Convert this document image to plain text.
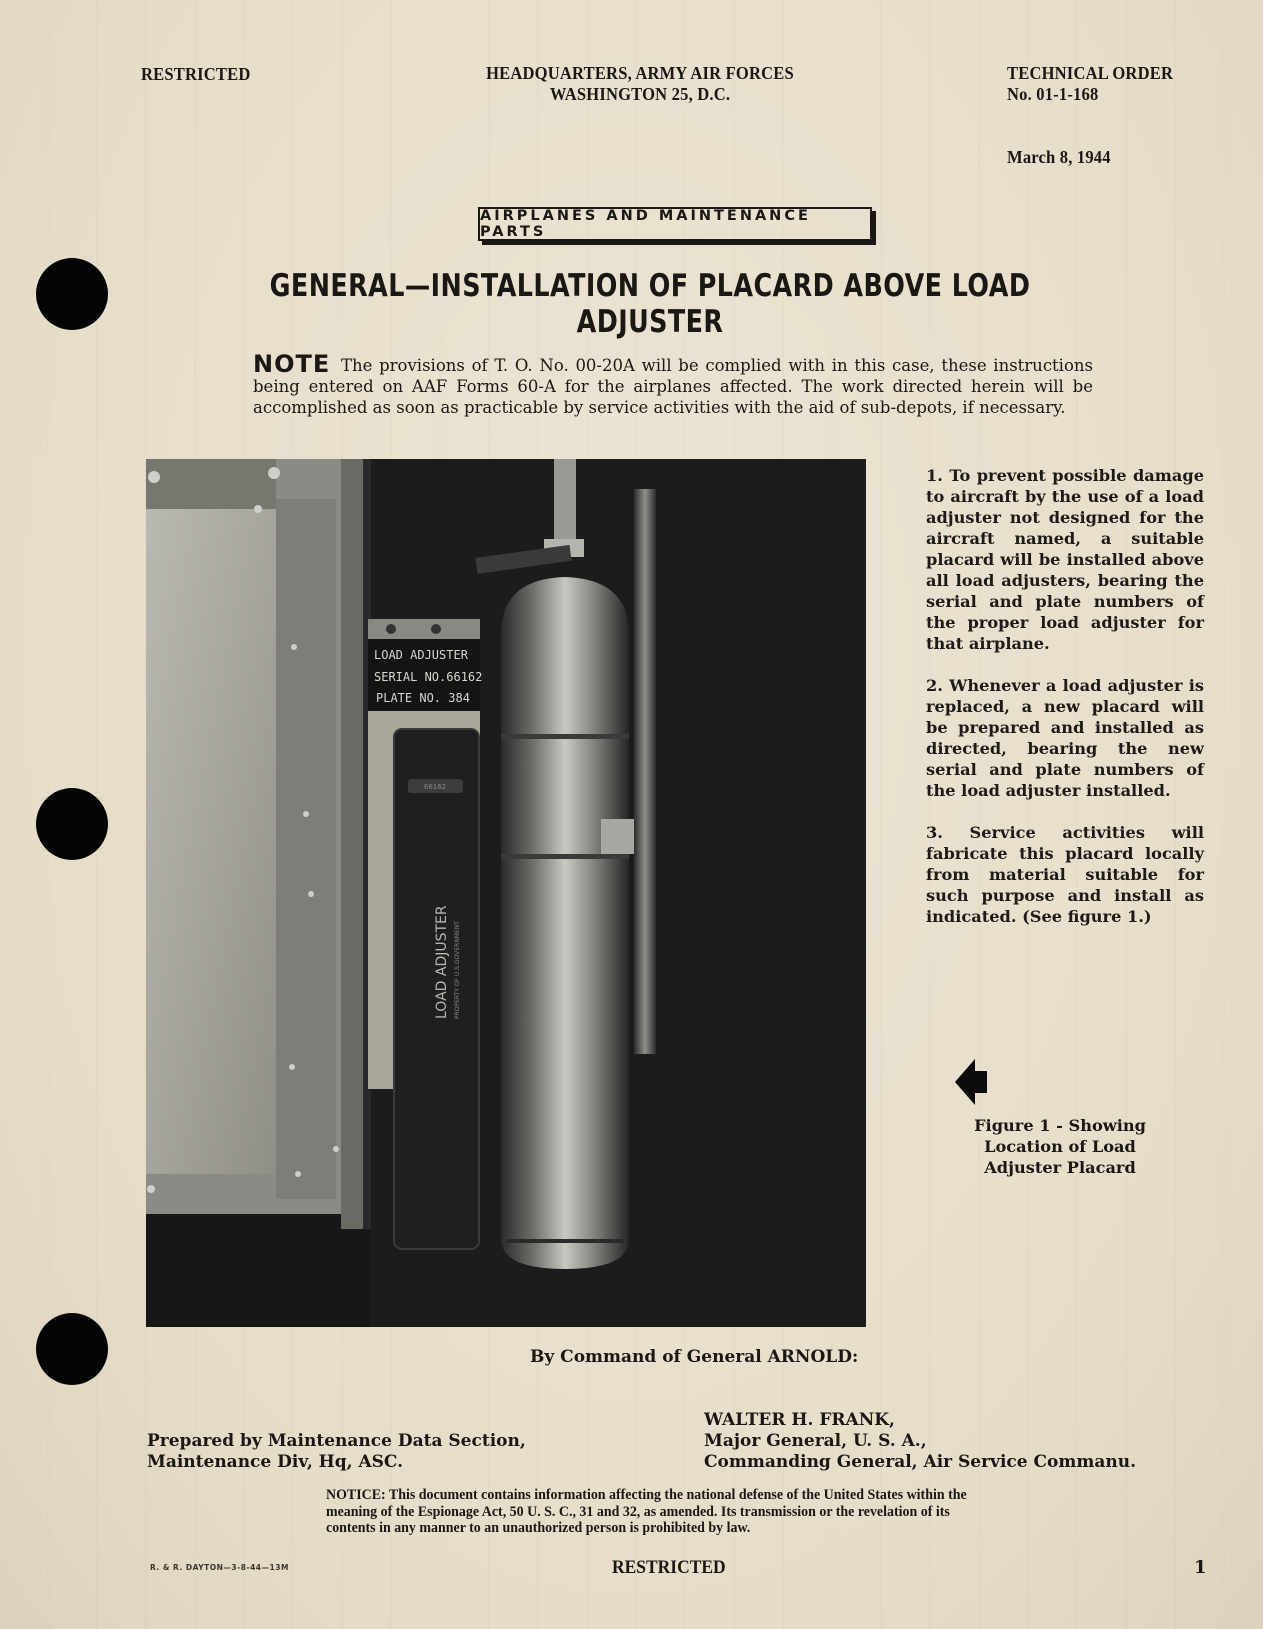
RESTRICTED	HEADQUARTERS, ARMY AIR FORCES
WASHINGTON 25, D.C.
TECHNICAL ORDER
No. 01-1-168
March 8, 1944
AIRPLANES AND MAINTENANCE PARTS
GENERAL—INSTALLATION OF PLACARD ABOVE LOAD ADJUSTER
NOTE The provisions of T. O. No. 00-20A will be complied with in this case, these instructions being entered on AAF Forms 60-A for the airplanes affected. The work directed herein will be accomplished as soon as practicable by service activities with the aid of sub-depots, if necessary.
LOAD ADJUSTER
SERIAL NO.66162
PLATE NO. 384
66162
LOAD ADJUSTER PROPERTY OF U.S.GOVERNMENT
1. To prevent possible damage to aircraft by the use of a load adjuster not designed for the aircraft named, a suitable placard will be installed above all load adjusters, bearing the serial and plate numbers of the proper load adjuster for that airplane.
2. Whenever a load adjuster is replaced, a new placard will be prepared and installed as directed, bearing the new serial and plate numbers of the load adjuster installed.
3. Service activities will fabricate this placard locally from material suitable for such purpose and install as indicated. (See figure 1.)
Figure 1 - Showing
Location of Load
Adjuster Placard
By Command of General ARNOLD:
WALTER H. FRANK,
Major General, U. S. A.,
Commanding General, Air Service Commanu.
Prepared by Maintenance Data Section,
Maintenance Div, Hq, ASC.
NOTICE: This document contains information affecting the national defense of the United States within the meaning of the Espionage Act, 50 U. S. C., 31 and 32, as amended. Its transmission or the revelation of its contents in any manner to an unauthorized person is prohibited by law.
R. & R. DAYTON—3-8-44—13M	RESTRICTED	1
